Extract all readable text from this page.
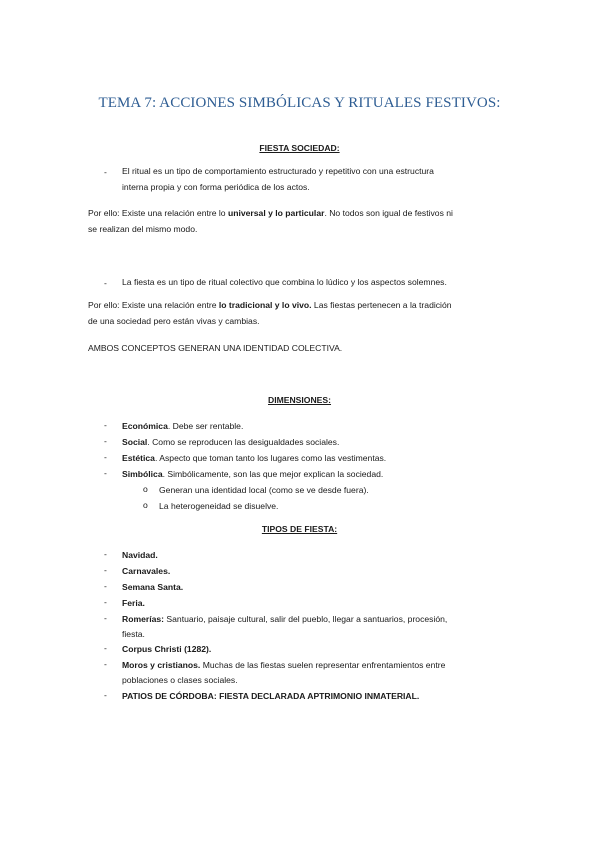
TEMA 7: ACCIONES SIMBÓLICAS Y RITUALES FESTIVOS:
FIESTA SOCIEDAD:
- El ritual es un tipo de comportamiento estructurado y repetitivo con una estructura
interna propia y con forma periódica de los actos.
Por ello: Existe una relación entre lo universal y lo particular. No todos son igual de festivos ni
se realizan del mismo modo.
- La fiesta es un tipo de ritual colectivo que combina lo lúdico y los aspectos solemnes.
Por ello: Existe una relación entre lo tradicional y lo vivo. Las fiestas pertenecen a la tradición
de una sociedad pero están vivas y cambias.
AMBOS CONCEPTOS GENERAN UNA IDENTIDAD COLECTIVA.
DIMENSIONES:
- Económica. Debe ser rentable.
- Social. Como se reproducen las desigualdades sociales.
- Estética. Aspecto que toman tanto los lugares como las vestimentas.
- Simbólica. Simbólicamente, son las que mejor explican la sociedad.
o Generan una identidad local (como se ve desde fuera).
o La heterogeneidad se disuelve.
TIPOS DE FIESTA:
- Navidad.
- Carnavales.
- Semana Santa.
- Feria.
- Romerías: Santuario, paisaje cultural, salir del pueblo, llegar a santuarios, procesión,
fiesta.
- Corpus Christi (1282).
- Moros y cristianos. Muchas de las fiestas suelen representar enfrentamientos entre
poblaciones o clases sociales.
- PATIOS DE CÓRDOBA: FIESTA DECLARADA APTRIMONIO INMATERIAL.
